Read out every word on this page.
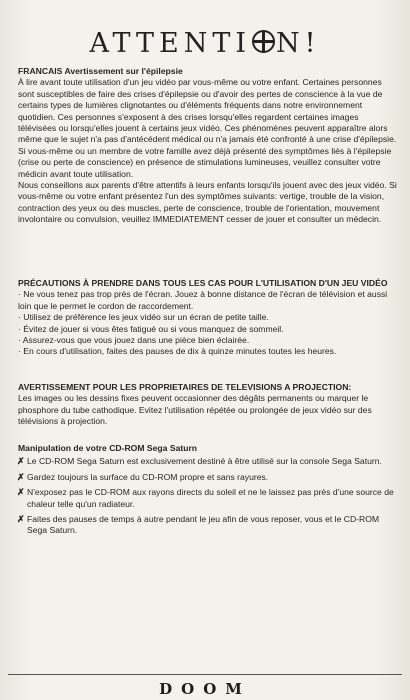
ATTENTI N!

FRANCAIS Avertissement sur l'épilepsie

À lire avant toute utilisation d'un jeu vidéo par vous-même ou votre enfant. Certaines personnes sont susceptibles de faire des crises d'épilepsie ou d'avoir des pertes de conscience à la vue de certains types de lumières clignotantes ou d'éléments fréquents dans notre environnement quotidien. Ces personnes s'exposent à des crises lorsqu'elles regardent certaines images télévisées ou lorsqu'elles jouent à certains jeux vidéo. Ces phénomènes peuvent apparaître alors même que le sujet n'a pas d'antécédent médical ou n'a jamais été confronté à une crise d'épilepsie.

Si vous-même ou un membre de votre famille avez déjà présenté des symptômes liés à l'épilepsie (crise ou perte de conscience) en présence de stimulations lumineuses, veuillez consulter votre médicin avant toute utilisation.

Nous conseillons aux parents d'être attentifs à leurs enfants lorsqu'ils jouent avec des jeux vidéo. Si vous-même ou votre enfant présentez l'un des symptômes suivants: vertige, trouble de la vision, contraction des yeux ou des muscles, perte de conscience, trouble de l'orientation, mouvement involontaire ou convulsion, veuillez IMMEDIATEMENT cesser de jouer et consulter un médecin.

PRÉCAUTIONS À PRENDRE DANS TOUS LES CAS POUR L'UTILISATION D'UN JEU VIDÉO

· Ne vous tenez pas trop près de l'écran. Jouez à bonne distance de l'écran de télévision et aussi loin que le permet le cordon de raccordement.
· Utilisez de préférence les jeux vidéo sur un écran de petite taille.
· Évitez de jouer si vous êtes fatigué ou si vous manquez de sommeil.
· Assurez-vous que vous jouez dans une pièce bien éclairée.
· En cours d'utilisation, faites des pauses de dix à quinze minutes toutes les heures.

AVERTISSEMENT POUR LES PROPRIETAIRES DE TELEVISIONS A PROJECTION:

Les images ou les dessins fixes peuvent occasionner des dégâts permanents ou marquer le phosphore du tube cathodique. Evitez l'utilisation répétée ou prolongée de jeux vidéo sur des télévisions à projection.

Manipulation de votre CD-ROM Sega Saturn

✗ Le CD-ROM Sega Saturn est exclusivement destiné à être utilisé sur la console Sega Saturn.
✗ Gardez toujours la surface du CD-ROM propre et sans rayures.
✗ N'exposez pas le CD-ROM aux rayons directs du soleil et ne le laissez pas près d'une source de chaleur telle qu'un radiateur.
✗ Faites des pauses de temps à autre pendant le jeu afin de vous reposer, vous et le CD-ROM Sega Saturn.
DOOM
